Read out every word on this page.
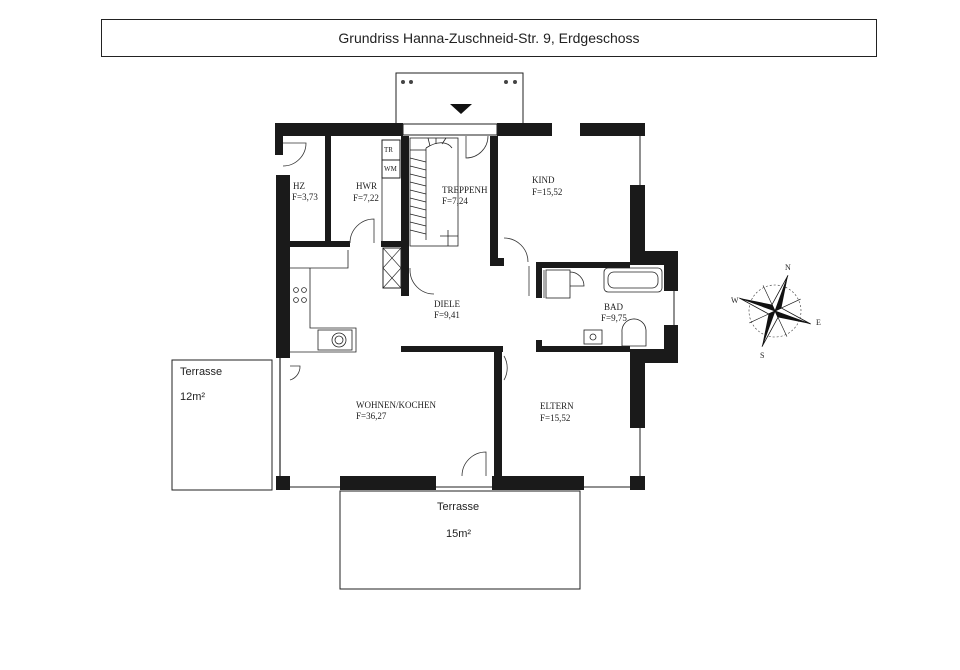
Grundriss Hanna-Zuschneid-Str. 9, Erdgeschoss
TR
WM
HZ
F=3,73
HWR
F=7,22
TREPPENH
F=7,24
KIND
F=15,52
DIELE
F=9,41
BAD
F=9,75
WOHNEN/KOCHEN
F=36,27
ELTERN
F=15,52
Terrasse
12m²
Terrasse
15m²
N
E
S
W
